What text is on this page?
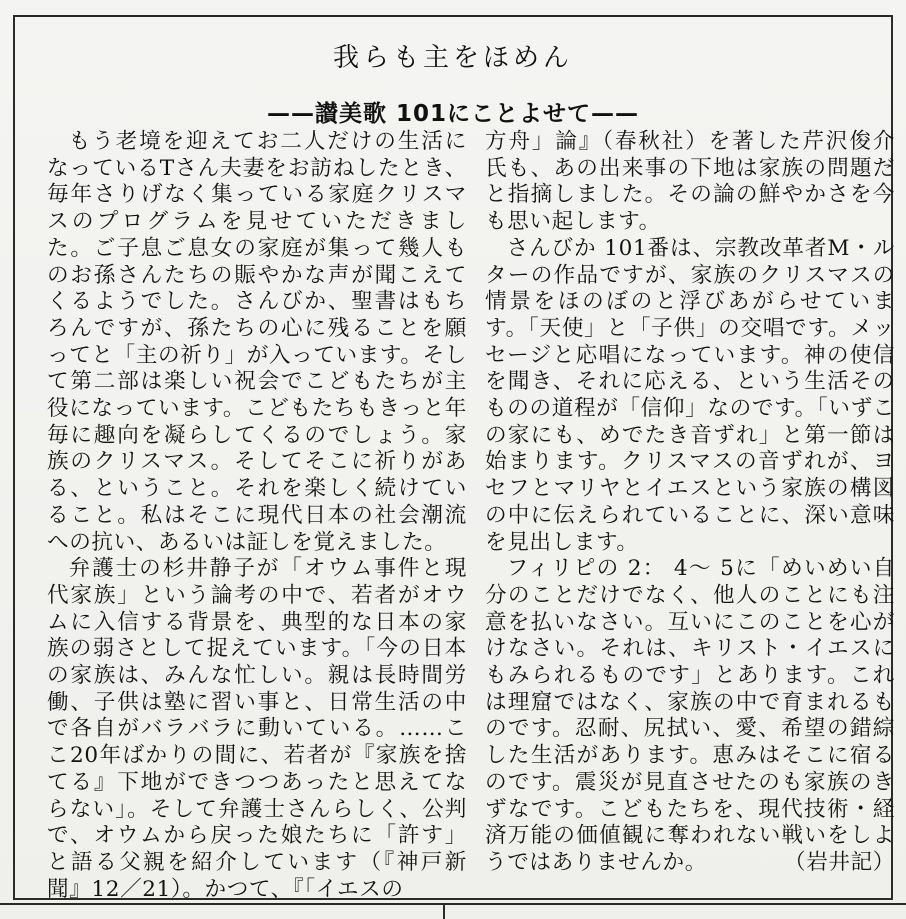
我らも主をほめん
——讃美歌 101にことよせて——

もう老境を迎えてお二人だけの生活になっているTさん夫妻をお訪ねしたとき、毎年さりげなく集っている家庭クリスマスのプログラムを見せていただきました。ご子息ご息女の家庭が集って幾人ものお孫さんたちの賑やかな声が聞こえてくるようでした。さんびか、聖書はもちろんですが、孫たちの心に残ることを願ってと「主の祈り」が入っています。そして第二部は楽しい祝会でこどもたちが主役になっています。こどもたちもきっと年毎に趣向を凝らしてくるのでしょう。家族のクリスマス。そしてそこに祈りがある、ということ。それを楽しく続けていること。私はそこに現代日本の社会潮流への抗い、あるいは証しを覚えました。

弁護士の杉井静子が「オウム事件と現代家族」という論考の中で、若者がオウムに入信する背景を、典型的な日本の家族の弱さとして捉えています。「今の日本の家族は、みんな忙しい。親は長時間労働、子供は塾に習い事と、日常生活の中で各自がバラバラに動いている。……ここ20年ばかりの間に、若者が『家族を捨てる』下地ができつつあったと思えてならない」。そして弁護士さんらしく、公判で、オウムから戻った娘たちに「許す」と語る父親を紹介しています（『神戸新聞』12／21）。かつて、『「イエスの

方舟」論』（春秋社）を著した芹沢俊介氏も、あの出来事の下地は家族の問題だと指摘しました。その論の鮮やかさを今も思い起します。

さんびか 101番は、宗教改革者M・ルターの作品ですが、家族のクリスマスの情景をほのぼのと浮びあがらせています。「天使」と「子供」の交唱です。メッセージと応唱になっています。神の使信を聞き、それに応える、という生活そのものの道程が「信仰」なのです。「いずこの家にも、めでたき音ずれ」と第一節は始まります。クリスマスの音ずれが、ヨセフとマリヤとイエスという家族の構図の中に伝えられていることに、深い意味を見出します。

フィリピの 2： 4～ 5に「めいめい自分のことだけでなく、他人のことにも注意を払いなさい。互いにこのことを心がけなさい。それは、キリスト・イエスにもみられるものです」とあります。これは理窟ではなく、家族の中で育まれるものです。忍耐、尻拭い、愛、希望の錯綜した生活があります。恵みはそこに宿るのです。震災が見直させたのも家族のきずなです。こどもたちを、現代技術・経済万能の価値観に奪われない戦いをしようではありませんか。	（岩井記）
